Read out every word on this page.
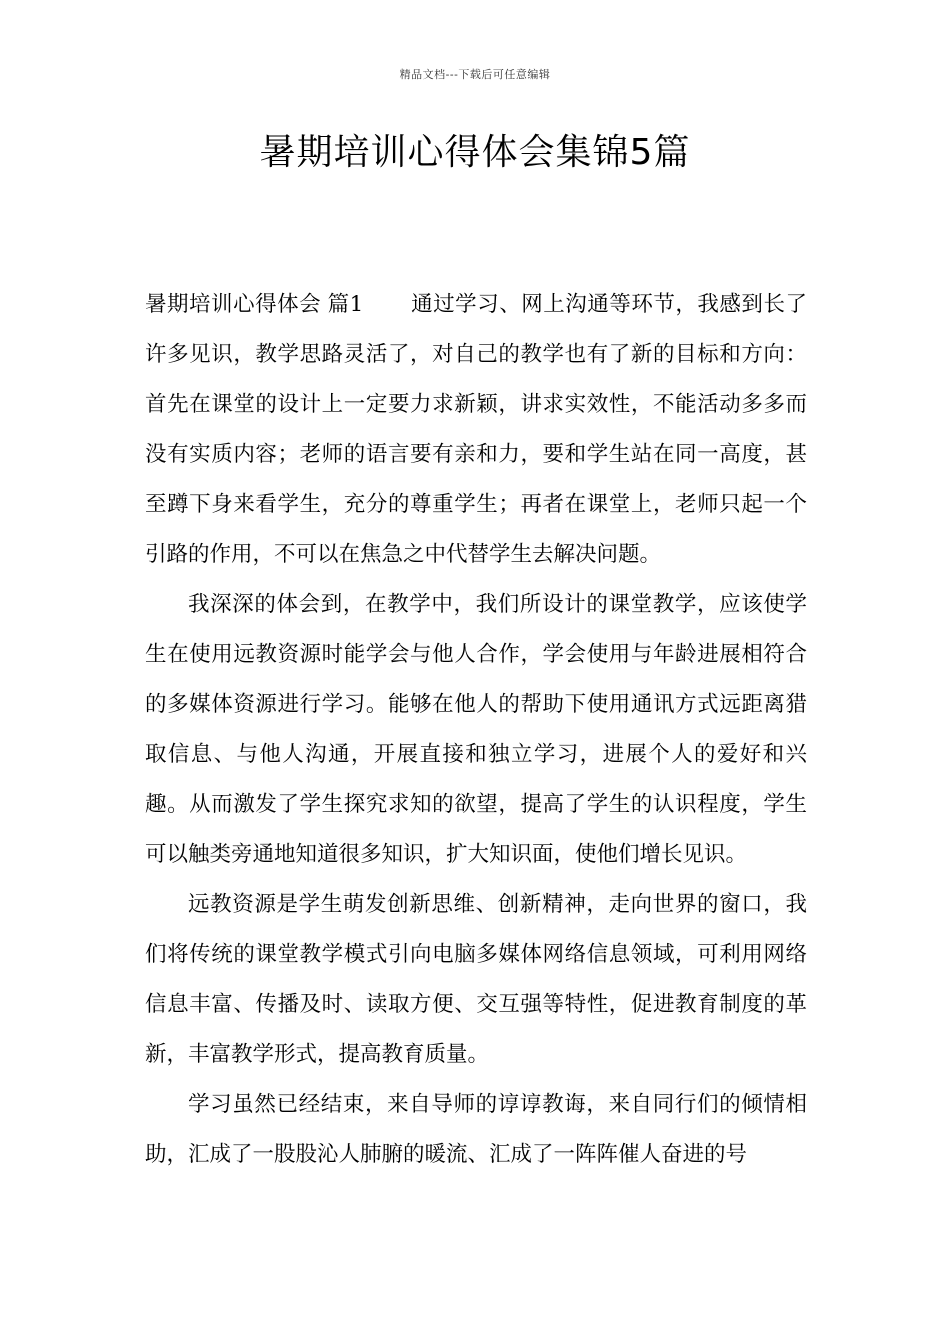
精品文档---下载后可任意编辑
暑期培训心得体会集锦5篇

暑期培训心得体会 篇1 通过学习、网上沟通等环节，我感到长了许多见识，教学思路灵活了，对自己的教学也有了新的目标和方向：首先在课堂的设计上一定要力求新颖，讲求实效性，不能活动多多而没有实质内容；老师的语言要有亲和力，要和学生站在同一高度，甚至蹲下身来看学生，充分的尊重学生；再者在课堂上，老师只起一个引路的作用，不可以在焦急之中代替学生去解决问题。

我深深的体会到，在教学中，我们所设计的课堂教学，应该使学生在使用远教资源时能学会与他人合作，学会使用与年龄进展相符合的多媒体资源进行学习。能够在他人的帮助下使用通讯方式远距离猎取信息、与他人沟通，开展直接和独立学习，进展个人的爱好和兴趣。从而激发了学生探究求知的欲望，提高了学生的认识程度，学生可以触类旁通地知道很多知识，扩大知识面，使他们增长见识。

远教资源是学生萌发创新思维、创新精神，走向世界的窗口，我们将传统的课堂教学模式引向电脑多媒体网络信息领域，可利用网络信息丰富、传播及时、读取方便、交互强等特性，促进教育制度的革新，丰富教学形式，提高教育质量。

学习虽然已经结束，来自导师的谆谆教诲，来自同行们的倾情相助，汇成了一股股沁人肺腑的暖流、汇成了一阵阵催人奋进的号
